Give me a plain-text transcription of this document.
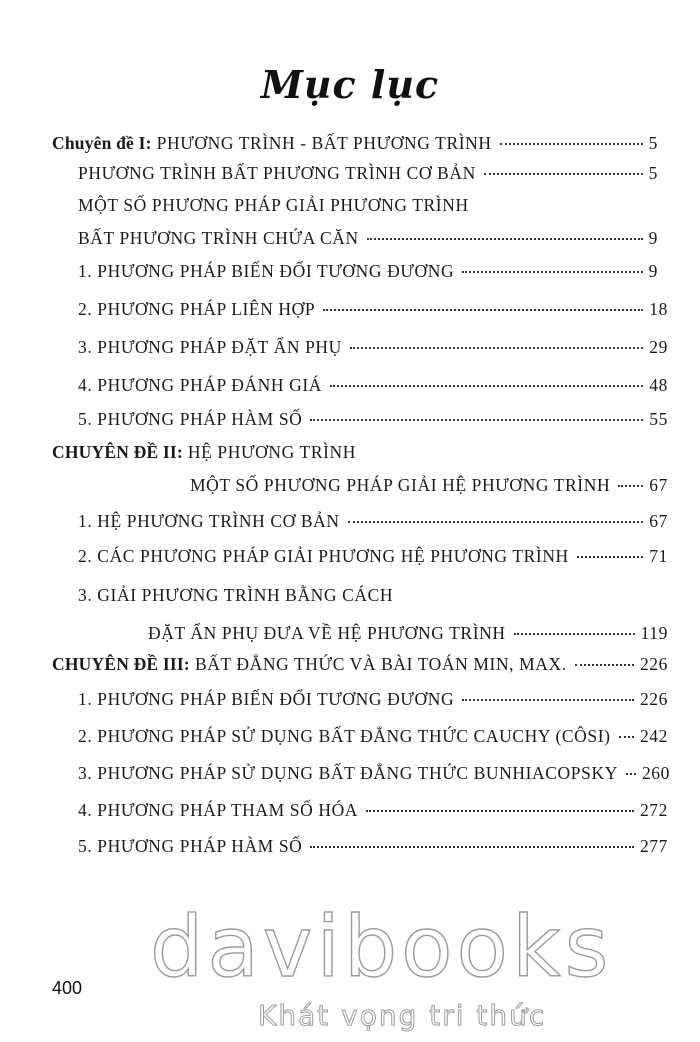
Mục lục
Chuyên đề I: PHƯƠNG TRÌNH - BẤT PHƯƠNG TRÌNH	5
PHƯƠNG TRÌNH BẤT PHƯƠNG TRÌNH CƠ BẢN	5
MỘT SỐ PHƯƠNG PHÁP GIẢI PHƯƠNG TRÌNH
BẤT PHƯƠNG TRÌNH CHỨA CĂN	9
1. PHƯƠNG PHÁP BIẾN ĐỔI TƯƠNG ĐƯƠNG	9
2. PHƯƠNG PHÁP LIÊN HỢP	18
3. PHƯƠNG PHÁP ĐẶT ẨN PHỤ	29
4. PHƯƠNG PHÁP ĐÁNH GIÁ	48
5. PHƯƠNG PHÁP HÀM SỐ	55
CHUYÊN ĐỀ II: HỆ PHƯƠNG TRÌNH
MỘT SỐ PHƯƠNG PHÁP GIẢI HỆ PHƯƠNG TRÌNH 67
1. HỆ PHƯƠNG TRÌNH CƠ BẢN	67
2. CÁC PHƯƠNG PHÁP GIẢI PHƯƠNG HỆ PHƯƠNG TRÌNH	71
3. GIẢI PHƯƠNG TRÌNH BẰNG CÁCH
ĐẶT ẨN PHỤ ĐƯA VỀ HỆ PHƯƠNG TRÌNH	119
CHUYÊN ĐỀ III: BẤT ĐẲNG THỨC VÀ BÀI TOÁN MIN, MAX.	226
1. PHƯƠNG PHÁP BIẾN ĐỔI TƯƠNG ĐƯƠNG	226
2. PHƯƠNG PHÁP SỬ DỤNG BẤT ĐẲNG THỨC CAUCHY (CÔSI) 242
3. PHƯƠNG PHÁP SỬ DỤNG BẤT ĐẲNG THỨC BUNHIACOPSKY 260
4. PHƯƠNG PHÁP THAM SỐ HÓA	272
5. PHƯƠNG PHÁP HÀM SỐ	277
davibooks
Khát vọng tri thức
400
